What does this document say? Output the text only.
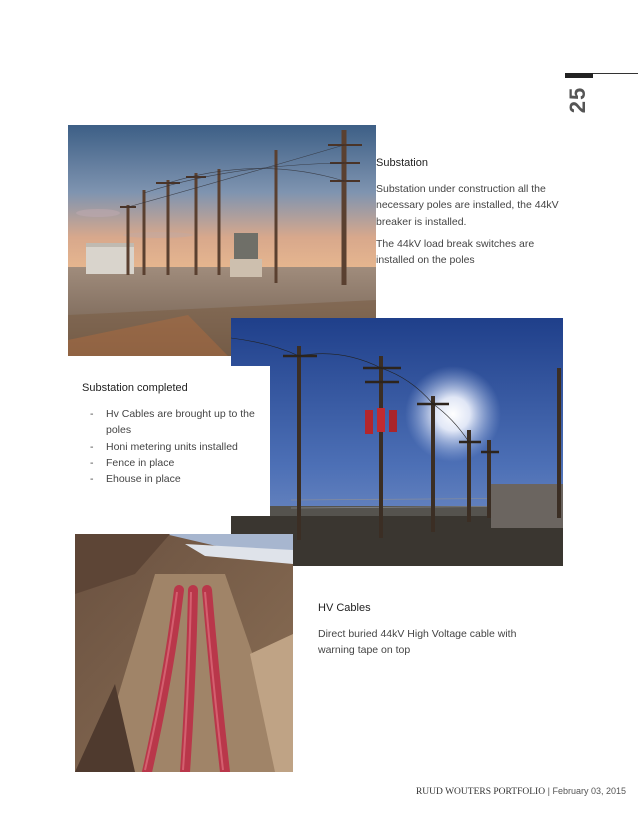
25
Substation

Substation under construction all the necessary poles are installed, the 44kV breaker is installed.

The 44kV load break switches are installed on the poles

Substation completed
- Hv Cables are brought up to the poles
- Honi metering units installed
- Fence in place
- Ehouse in place
HV Cables

Direct buried 44kV High Voltage cable with warning tape on top

RUUD WOUTERS PORTFOLIO | February 03, 2015
